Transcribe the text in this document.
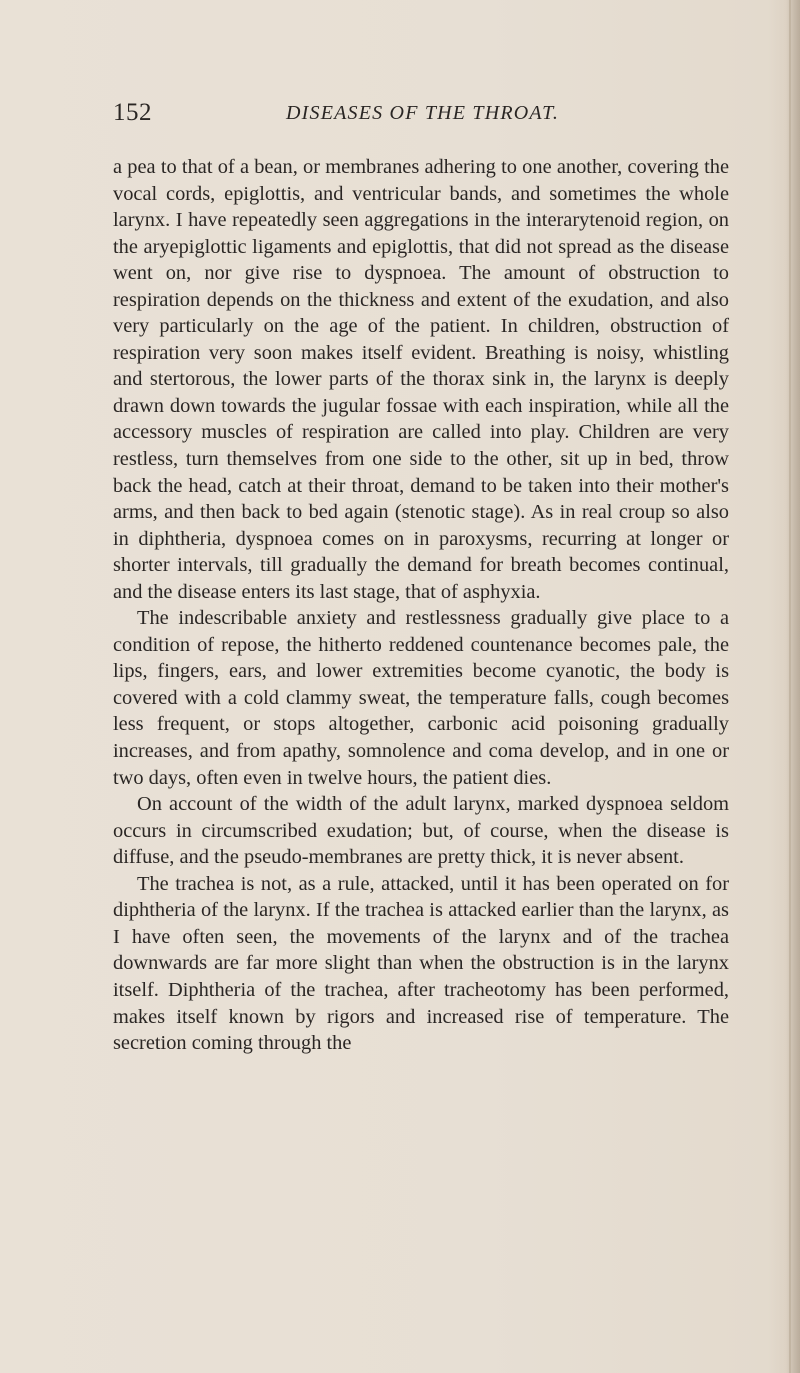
152	DISEASES OF THE THROAT.

a pea to that of a bean, or membranes adhering to one another, covering the vocal cords, epiglottis, and ventricular bands, and sometimes the whole larynx. I have repeatedly seen aggregations in the interarytenoid region, on the aryepiglottic ligaments and epiglottis, that did not spread as the disease went on, nor give rise to dyspnoea. The amount of obstruction to respiration depends on the thickness and extent of the exudation, and also very particularly on the age of the patient. In children, obstruction of respiration very soon makes itself evident. Breathing is noisy, whistling and stertorous, the lower parts of the thorax sink in, the larynx is deeply drawn down towards the jugular fossae with each inspiration, while all the accessory muscles of respiration are called into play. Children are very restless, turn themselves from one side to the other, sit up in bed, throw back the head, catch at their throat, demand to be taken into their mother's arms, and then back to bed again (stenotic stage). As in real croup so also in diphtheria, dyspnoea comes on in paroxysms, recurring at longer or shorter intervals, till gradually the demand for breath becomes continual, and the disease enters its last stage, that of asphyxia.

The indescribable anxiety and restlessness gradually give place to a condition of repose, the hitherto reddened countenance becomes pale, the lips, fingers, ears, and lower extremities become cyanotic, the body is covered with a cold clammy sweat, the temperature falls, cough becomes less frequent, or stops altogether, carbonic acid poisoning gradually increases, and from apathy, somnolence and coma develop, and in one or two days, often even in twelve hours, the patient dies.

On account of the width of the adult larynx, marked dyspnoea seldom occurs in circumscribed exudation; but, of course, when the disease is diffuse, and the pseudo-membranes are pretty thick, it is never absent.

The trachea is not, as a rule, attacked, until it has been operated on for diphtheria of the larynx. If the trachea is attacked earlier than the larynx, as I have often seen, the movements of the larynx and of the trachea downwards are far more slight than when the obstruction is in the larynx itself. Diphtheria of the trachea, after tracheotomy has been performed, makes itself known by rigors and increased rise of temperature. The secretion coming through the
